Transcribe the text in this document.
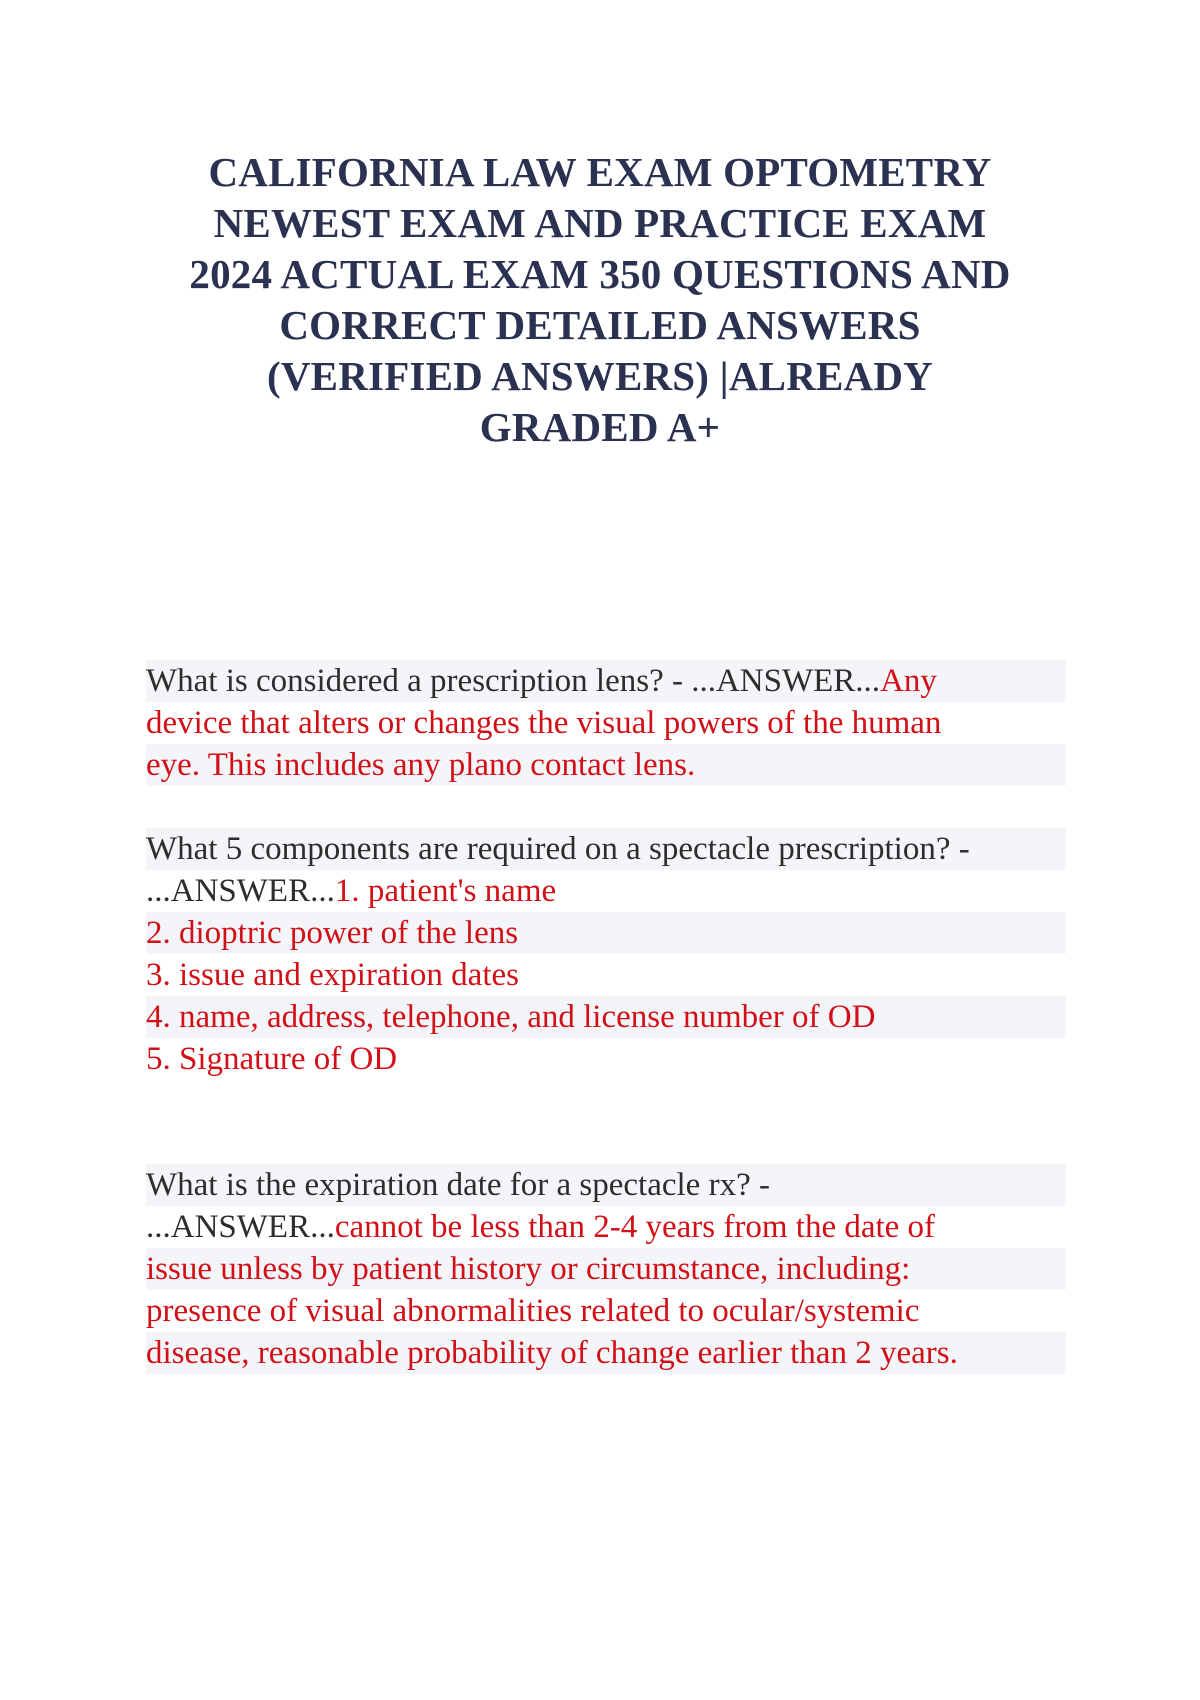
CALIFORNIA LAW EXAM OPTOMETRY
NEWEST EXAM AND PRACTICE EXAM
2024 ACTUAL EXAM 350 QUESTIONS AND
CORRECT DETAILED ANSWERS
(VERIFIED ANSWERS) |ALREADY
GRADED A+
What is considered a prescription lens? - ...ANSWER...Any
device that alters or changes the visual powers of the human
eye. This includes any plano contact lens.
What 5 components are required on a spectacle prescription? -
...ANSWER...1. patient's name
2. dioptric power of the lens
3. issue and expiration dates
4. name, address, telephone, and license number of OD
5. Signature of OD
What is the expiration date for a spectacle rx? -
...ANSWER...cannot be less than 2-4 years from the date of
issue unless by patient history or circumstance, including:
presence of visual abnormalities related to ocular/systemic
disease, reasonable probability of change earlier than 2 years.
